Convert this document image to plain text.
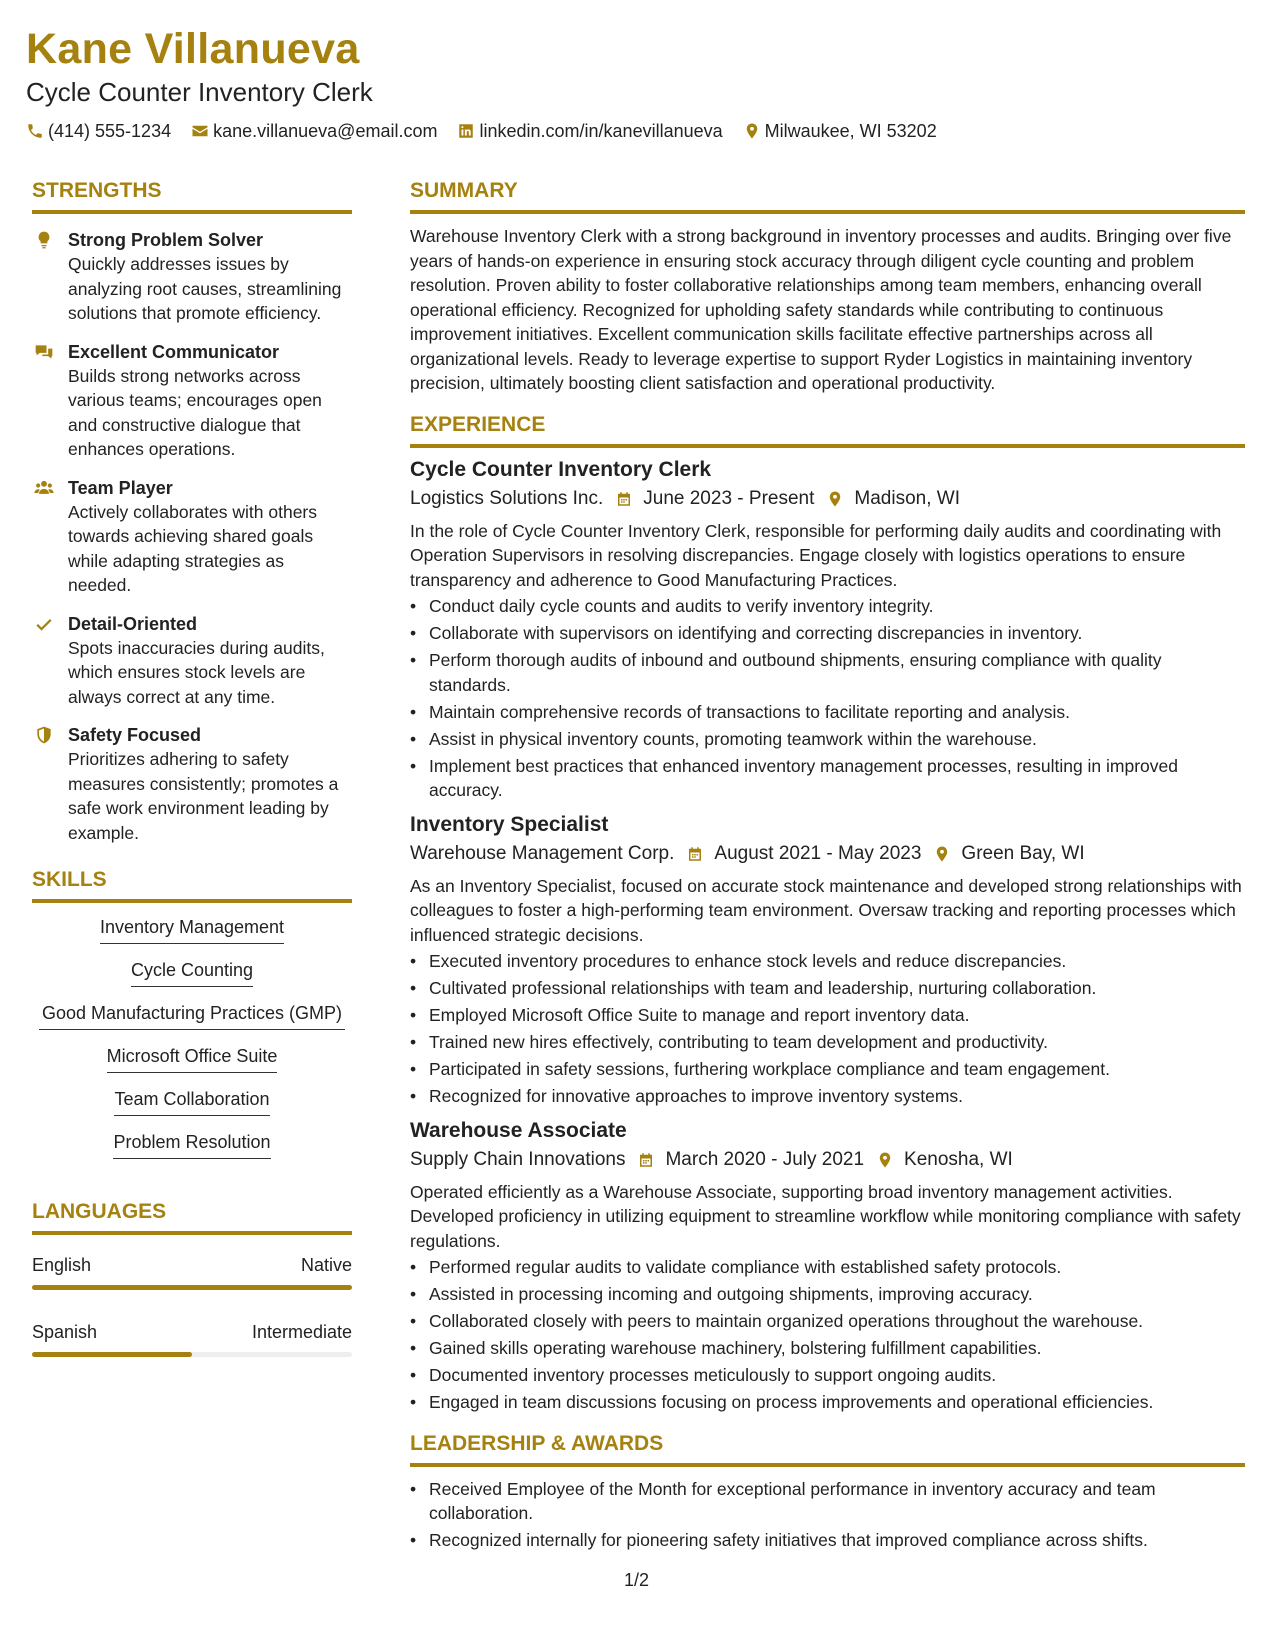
Kane Villanueva
Cycle Counter Inventory Clerk
(414) 555-1234 kane.villanueva@email.com linkedin.com/in/kanevillanueva Milwaukee, WI 53202
STRENGTHS
Strong Problem Solver
Quickly addresses issues by analyzing root causes, streamlining solutions that promote efficiency.
Excellent Communicator
Builds strong networks across various teams; encourages open and constructive dialogue that enhances operations.
Team Player
Actively collaborates with others towards achieving shared goals while adapting strategies as needed.
Detail-Oriented
Spots inaccuracies during audits, which ensures stock levels are always correct at any time.
Safety Focused
Prioritizes adhering to safety measures consistently; promotes a safe work environment leading by example.
SKILLS
Inventory Management
Cycle Counting
Good Manufacturing Practices (GMP)
Microsoft Office Suite
Team Collaboration
Problem Resolution
LANGUAGES
English	Native
Spanish	Intermediate
SUMMARY
Warehouse Inventory Clerk with a strong background in inventory processes and audits. Bringing over five years of hands-on experience in ensuring stock accuracy through diligent cycle counting and problem resolution. Proven ability to foster collaborative relationships among team members, enhancing overall operational efficiency. Recognized for upholding safety standards while contributing to continuous improvement initiatives. Excellent communication skills facilitate effective partnerships across all organizational levels. Ready to leverage expertise to support Ryder Logistics in maintaining inventory precision, ultimately boosting client satisfaction and operational productivity.
EXPERIENCE
Cycle Counter Inventory Clerk
Logistics Solutions Inc. June 2023 - Present Madison, WI
In the role of Cycle Counter Inventory Clerk, responsible for performing daily audits and coordinating with Operation Supervisors in resolving discrepancies. Engage closely with logistics operations to ensure transparency and adherence to Good Manufacturing Practices.
• Conduct daily cycle counts and audits to verify inventory integrity.
• Collaborate with supervisors on identifying and correcting discrepancies in inventory.
• Perform thorough audits of inbound and outbound shipments, ensuring compliance with quality standards.
• Maintain comprehensive records of transactions to facilitate reporting and analysis.
• Assist in physical inventory counts, promoting teamwork within the warehouse.
• Implement best practices that enhanced inventory management processes, resulting in improved accuracy.
Inventory Specialist
Warehouse Management Corp. August 2021 - May 2023 Green Bay, WI
As an Inventory Specialist, focused on accurate stock maintenance and developed strong relationships with colleagues to foster a high-performing team environment. Oversaw tracking and reporting processes which influenced strategic decisions.
• Executed inventory procedures to enhance stock levels and reduce discrepancies.
• Cultivated professional relationships with team and leadership, nurturing collaboration.
• Employed Microsoft Office Suite to manage and report inventory data.
• Trained new hires effectively, contributing to team development and productivity.
• Participated in safety sessions, furthering workplace compliance and team engagement.
• Recognized for innovative approaches to improve inventory systems.
Warehouse Associate
Supply Chain Innovations March 2020 - July 2021 Kenosha, WI
Operated efficiently as a Warehouse Associate, supporting broad inventory management activities. Developed proficiency in utilizing equipment to streamline workflow while monitoring compliance with safety regulations.
• Performed regular audits to validate compliance with established safety protocols.
• Assisted in processing incoming and outgoing shipments, improving accuracy.
• Collaborated closely with peers to maintain organized operations throughout the warehouse.
• Gained skills operating warehouse machinery, bolstering fulfillment capabilities.
• Documented inventory processes meticulously to support ongoing audits.
• Engaged in team discussions focusing on process improvements and operational efficiencies.
LEADERSHIP & AWARDS
• Received Employee of the Month for exceptional performance in inventory accuracy and team collaboration.
• Recognized internally for pioneering safety initiatives that improved compliance across shifts.
1/2
